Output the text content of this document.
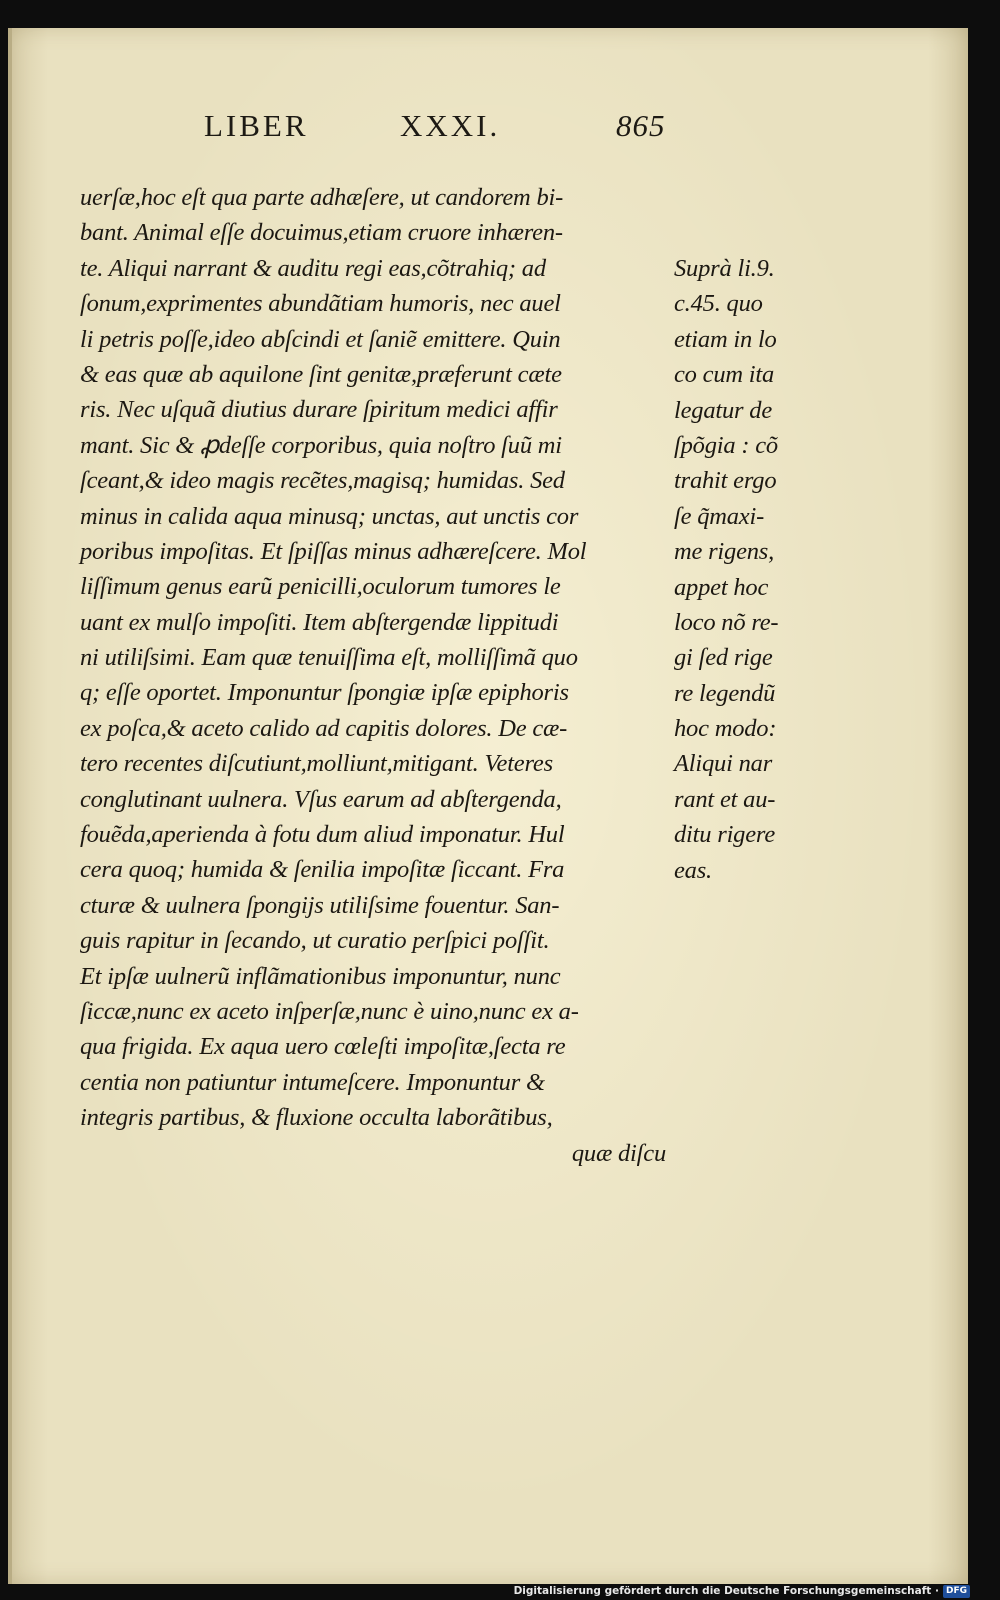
LIBER	XXXI.	865
uerſæ,hoc eſt qua parte adhæſere, ut candorem bi-
bant. Animal eſſe docuimus,etiam cruore inhæren-
te. Aliqui narrant & auditu regi eas,cõtrahiq; ad
ſonum,exprimentes abundãtiam humoris, nec auel
li petris poſſe,ideo abſcindi et ſaniẽ emittere. Quin
& eas quæ ab aquilone ſint genitæ,præferunt cæte
ris. Nec uſquã diutius durare ſpiritum medici affir
mant. Sic & ꝓdeſſe corporibus, quia noſtro ſuũ mi
ſceant,& ideo magis recẽtes,magisq; humidas. Sed
minus in calida aqua minusq; unctas, aut unctis cor
poribus impoſitas. Et ſpiſſas minus adhæreſcere. Mol
liſſimum genus earũ penicilli,oculorum tumores le
uant ex mulſo impoſiti. Item abſtergendæ lippitudi
ni utiliſsimi. Eam quæ tenuiſſima eſt, molliſſimã quo
q; eſſe oportet. Imponuntur ſpongiæ ipſæ epiphoris
ex poſca,& aceto calido ad capitis dolores. De cæ-
tero recentes diſcutiunt,molliunt,mitigant. Veteres
conglutinant uulnera. Vſus earum ad abſtergenda,
fouẽda,aperienda à fotu dum aliud imponatur. Hul
cera quoq; humida & ſenilia impoſitæ ſiccant. Fra
cturæ & uulnera ſpongijs utiliſsime fouentur. San-
guis rapitur in ſecando, ut curatio perſpici poſſit.
Et ipſæ uulnerũ inflãmationibus imponuntur, nunc
ſiccæ,nunc ex aceto inſperſæ,nunc è uino,nunc ex a-
qua frigida. Ex aqua uero cœleſti impoſitæ,ſecta re
centia non patiuntur intumeſcere. Imponuntur &
integris partibus, & fluxione occulta laborãtibus,
quæ diſcu
Suprà li.9.
c.45. quo
etiam in lo
co cum ita
legatur de
ſpõgia : cõ
trahit ergo
ſe q̃maxi-
me rigens,
appet hoc
loco nõ re-
gi ſed rige
re legendũ
hoc modo:
Aliqui nar
rant et au-
ditu rigere
eas.
Digitalisierung gefördert durch die Deutsche Forschungsgemeinschaft · DFG
